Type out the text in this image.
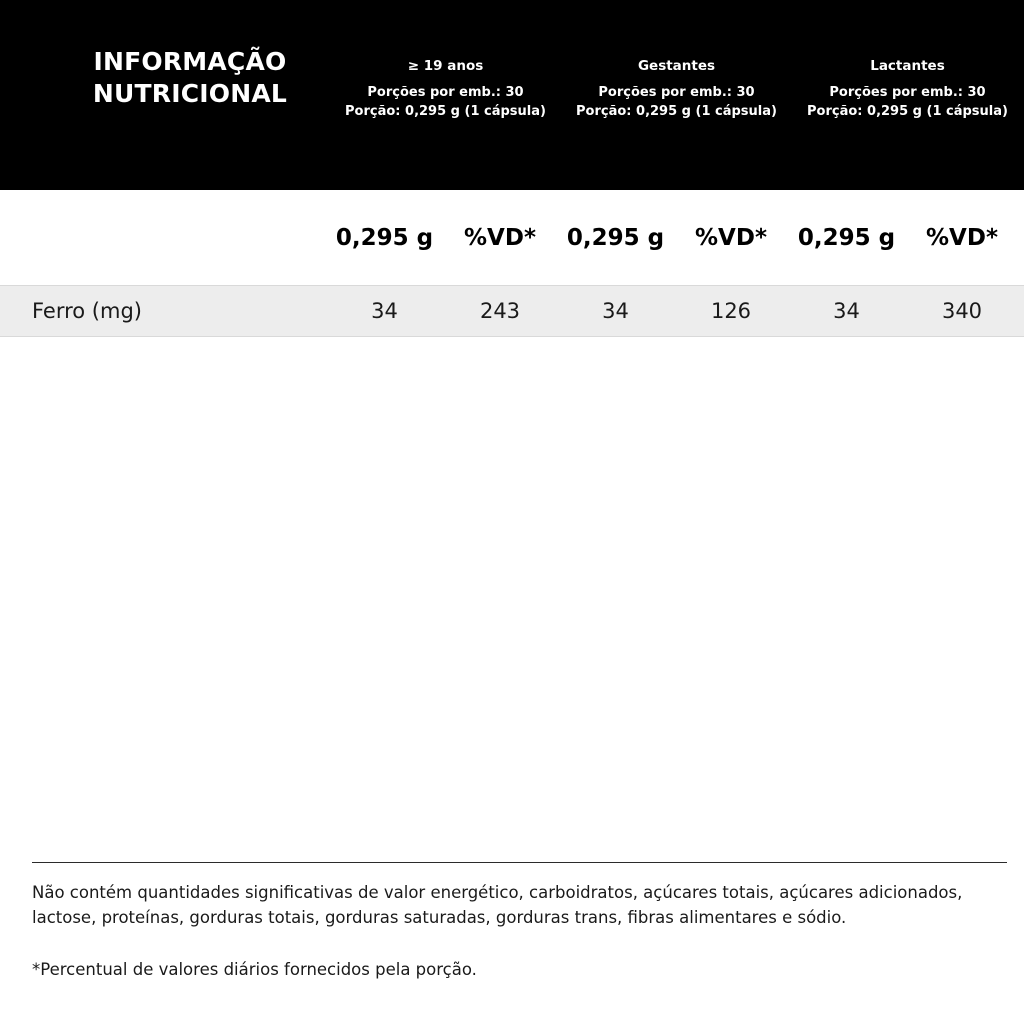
INFORMAÇÃO
NUTRICIONAL
≥ 19 anos
Porções por emb.: 30
Porção: 0,295 g (1 cápsula)
Gestantes
Porções por emb.: 30
Porção: 0,295 g (1 cápsula)
Lactantes
Porções por emb.: 30
Porção: 0,295 g (1 cápsula)
0,295 g	%VD*	0,295 g	%VD*	0,295 g	%VD*
Ferro (mg)	34	243	34	126	34	340
Não contém quantidades significativas de valor energético, carboidratos, açúcares totais, açúcares adicionados, lactose, proteínas, gorduras totais, gorduras saturadas, gorduras trans, fibras alimentares e sódio.
*Percentual de valores diários fornecidos pela porção.
